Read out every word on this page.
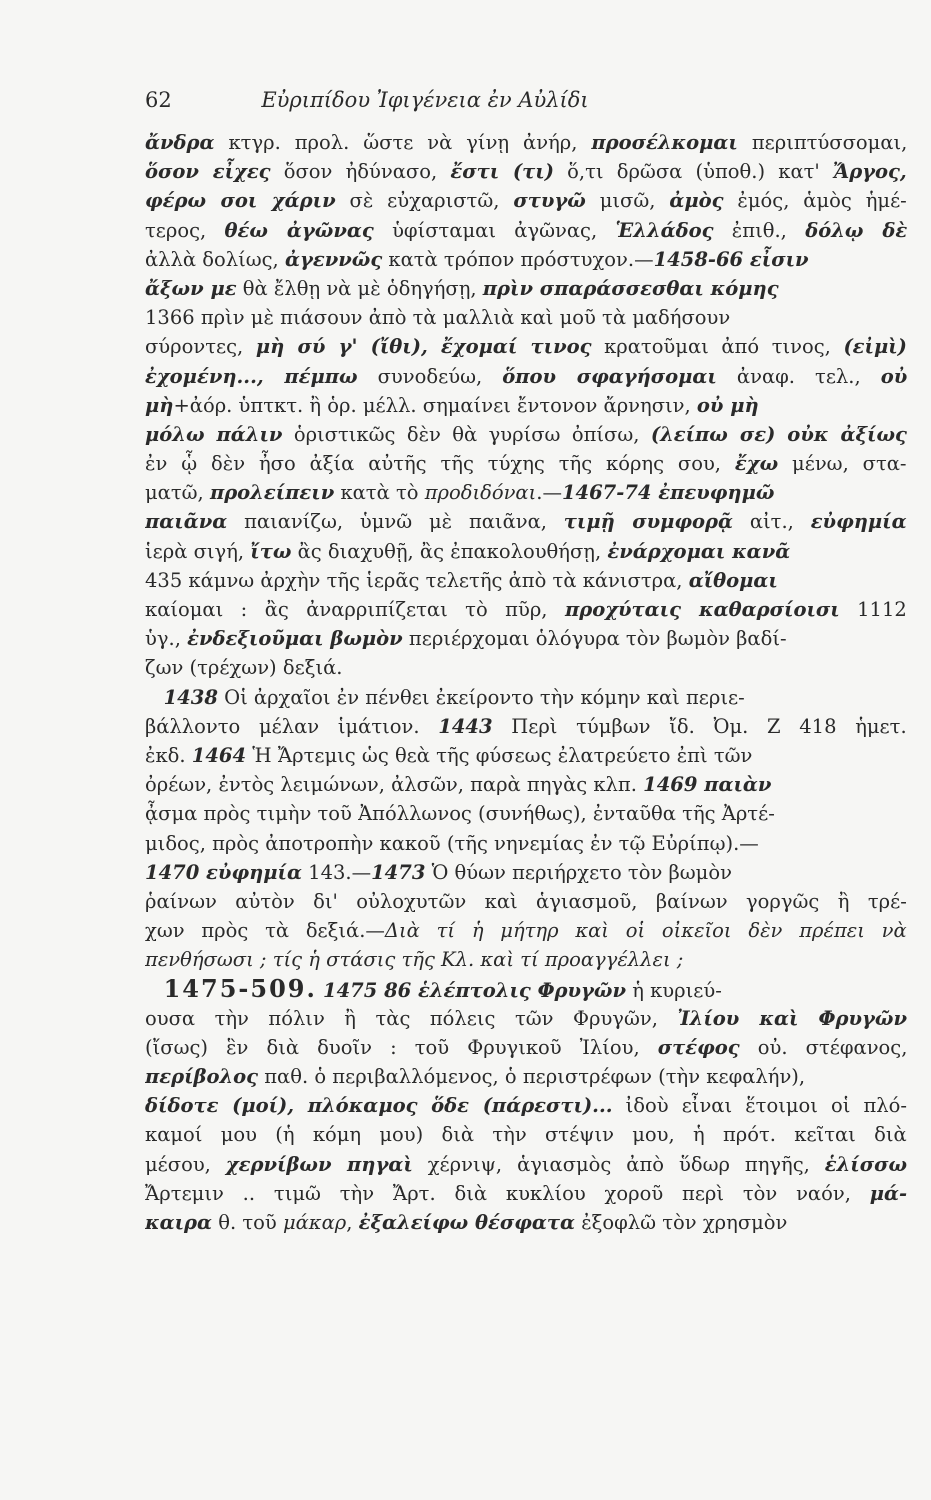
62	Εὐριπίδου Ἰφιγένεια ἐν Αὐλίδι
ἄνδρα κτγρ. προλ. ὥστε νὰ γίνῃ ἀνήρ, προσέλκομαι περιπτύσσομαι,
ὅσον εἶχες ὅσον ἠδύνασο, ἔστι (τι) ὅ,τι δρῶσα (ὑποθ.) κατ' Ἄργος,
φέρω σοι χάριν σὲ εὐχαριστῶ, στυγῶ μισῶ, ἀμὸς ἐμός, ἁμὸς ἡμέ-
τερος, θέω ἀγῶνας ὑφίσταμαι ἀγῶνας, Ἑλλάδος ἐπιθ., δόλῳ δὲ
ἀλλὰ δολίως, ἀγεννῶς κατὰ τρόπον πρόστυχον.—1458-66 εἶσιν
ἄξων με θὰ ἔλθῃ νὰ μὲ ὁδηγήσῃ, πρὶν σπαράσσεσθαι κόμης
1366 πρὶν μὲ πιάσουν ἀπὸ τὰ μαλλιὰ καὶ μοῦ τὰ μαδήσουν
σύροντες, μὴ σύ γ' (ἴθι), ἔχομαί τινος κρατοῦμαι ἀπό τινος, (εἰμὶ)
ἐχομένη..., πέμπω συνοδεύω, ὅπου σφαγήσομαι ἀναφ. τελ., οὐ
μὴ+ἀόρ. ὑπτκτ. ἢ ὁρ. μέλλ. σημαίνει ἔντονον ἄρνησιν, οὐ μὴ
μόλω πάλιν ὁριστικῶς δὲν θὰ γυρίσω ὀπίσω, (λείπω σε) οὐκ ἀξίως
ἐν ᾧ δὲν ἦσο ἀξία αὐτῆς τῆς τύχης τῆς κόρης σου, ἔχω μένω, στα-
ματῶ, προλείπειν κατὰ τὸ προδιδόναι.—1467-74 ἐπευφημῶ
παιᾶνα παιανίζω, ὑμνῶ μὲ παιᾶνα, τιμῇ συμφορᾷ αἰτ., εὐφημία
ἱερὰ σιγή, ἴτω ἂς διαχυθῇ, ἂς ἐπακολουθήσῃ, ἐνάρχομαι κανᾶ
435 κάμνω ἀρχὴν τῆς ἱερᾶς τελετῆς ἀπὸ τὰ κάνιστρα, αἴθομαι
καίομαι : ἂς ἀναρριπίζεται τὸ πῦρ, προχύταις καθαρσίοισι 1112
ὑγ., ἐνδεξιοῦμαι βωμὸν περιέρχομαι ὁλόγυρα τὸν βωμὸν βαδί-
ζων (τρέχων) δεξιά.
1438 Οἱ ἀρχαῖοι ἐν πένθει ἐκείροντο τὴν κόμην καὶ περιε-
βάλλοντο μέλαν ἱμάτιον. 1443 Περὶ τύμβων ἴδ. Ὀμ. Ζ 418 ἡμετ.
ἐκδ. 1464 Ἡ Ἄρτεμις ὡς θεὰ τῆς φύσεως ἐλατρεύετο ἐπὶ τῶν
ὀρέων, ἐντὸς λειμώνων, ἀλσῶν, παρὰ πηγὰς κλπ. 1469 παιὰν
ᾆσμα πρὸς τιμὴν τοῦ Ἀπόλλωνος (συνήθως), ἐνταῦθα τῆς Ἀρτέ-
μιδος, πρὸς ἀποτροπὴν κακοῦ (τῆς νηνεμίας ἐν τῷ Εὐρίπῳ).—
1470 εὐφημία 143.—1473 Ὁ θύων περιήρχετο τὸν βωμὸν
ῥαίνων αὐτὸν δι' οὐλοχυτῶν καὶ ἁγιασμοῦ, βαίνων γοργῶς ἢ τρέ-
χων πρὸς τὰ δεξιά.—Διὰ τί ἡ μήτηρ καὶ οἱ οἰκεῖοι δὲν πρέπει νὰ
πενθήσωσι ; τίς ἡ στάσις τῆς Κλ. καὶ τί προαγγέλλει ;
1475-509. 1475 86 ἑλέπτολις Φρυγῶν ἡ κυριεύ-
ουσα τὴν πόλιν ἢ τὰς πόλεις τῶν Φρυγῶν, Ἰλίου καὶ Φρυγῶν
(ἴσως) ἓν διὰ δυοῖν : τοῦ Φρυγικοῦ Ἰλίου, στέφος οὐ. στέφανος,
περίβολος παθ. ὁ περιβαλλόμενος, ὁ περιστρέφων (τὴν κεφαλήν),
δίδοτε (μοί), πλόκαμος ὅδε (πάρεστι)... ἰδοὺ εἶναι ἕτοιμοι οἱ πλό-
καμοί μου (ἡ κόμη μου) διὰ τὴν στέψιν μου, ἡ πρότ. κεῖται διὰ
μέσου, χερνίβων πηγαὶ χέρνιψ, ἁγιασμὸς ἀπὸ ὕδωρ πηγῆς, ἑλίσσω
Ἄρτεμιν .. τιμῶ τὴν Ἄρτ. διὰ κυκλίου χοροῦ περὶ τὸν ναόν, μά-
καιρα θ. τοῦ μάκαρ, ἐξαλείφω θέσφατα ἐξοφλῶ τὸν χρησμὸν
